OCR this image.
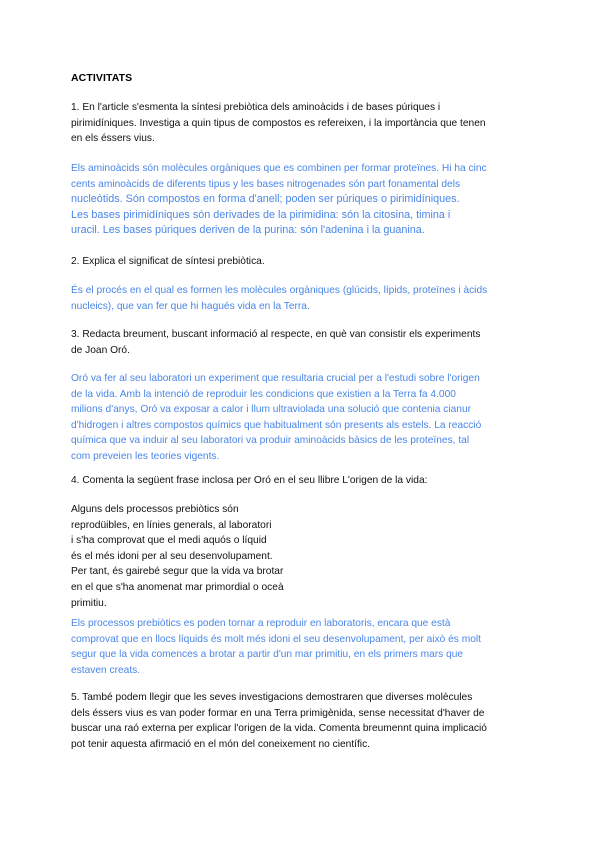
ACTIVITATS
1. En l'article s'esmenta la síntesi prebiòtica dels aminoàcids i de bases púriques i
pirimidíniques. Investiga a quin tipus de compostos es refereixen, i la importància que tenen
en els éssers vius.
Els aminoàcids són molècules orgàniques que es combinen per formar proteïnes. Hi ha cinc
cents aminoàcids de diferents tipus y les bases nitrogenades són part fonamental dels
nucleòtids. Són compostos en forma d'anell; poden ser púriques o pirimidíniques.
Les bases pirimidíniques són derivades de la pirimidina: són la citosina, timina i
uracil. Les bases púriques deriven de la purina: són l'adenina i la guanina.
2. Explica el significat de síntesi prebiòtica.
És el procés en el qual es formen les molècules orgàniques (glúcids, lípids, proteïnes i àcids
nucleics), que van fer que hi hagués vida en la Terra.
3. Redacta breument, buscant informació al respecte, en què van consistir els experiments
de Joan Oró.
Oró va fer al seu laboratori un experiment que resultaria crucial per a l'estudi sobre l'origen
de la vida. Amb la intenció de reproduir les condicions que existien a la Terra fa 4.000
milions d'anys, Oró va exposar a calor i llum ultraviolada una solució que contenia cianur
d'hidrogen i altres compostos químics que habitualment són presents als estels. La reacció
química que va induir al seu laboratori va produir aminoàcids bàsics de les proteïnes, tal
com preveien les teories vigents.
4. Comenta la següent frase inclosa per Oró en el seu llibre L'origen de la vida:
Alguns dels processos prebiòtics són
reprodüibles, en línies generals, al laboratori
i s'ha comprovat que el medi aquós o líquid
és el més idoni per al seu desenvolupament.
Per tant, és gairebé segur que la vida va brotar
en el que s'ha anomenat mar primordial o oceà
primitiu.
Els processos prebiòtics es poden tornar a reproduir en laboratoris, encara que està
comprovat que en llocs líquids és molt més idoni el seu desenvolupament, per això és molt
segur que la vida comences a brotar a partir d'un mar primitiu, en els primers mars que
estaven creats.
5. També podem llegir que les seves investigacions demostraren que diverses molècules
dels éssers vius es van poder formar en una Terra primigènida, sense necessitat d'haver de
buscar una raó externa per explicar l'origen de la vida. Comenta breumennt quina implicació
pot tenir aquesta afirmació en el món del coneixement no científic.
